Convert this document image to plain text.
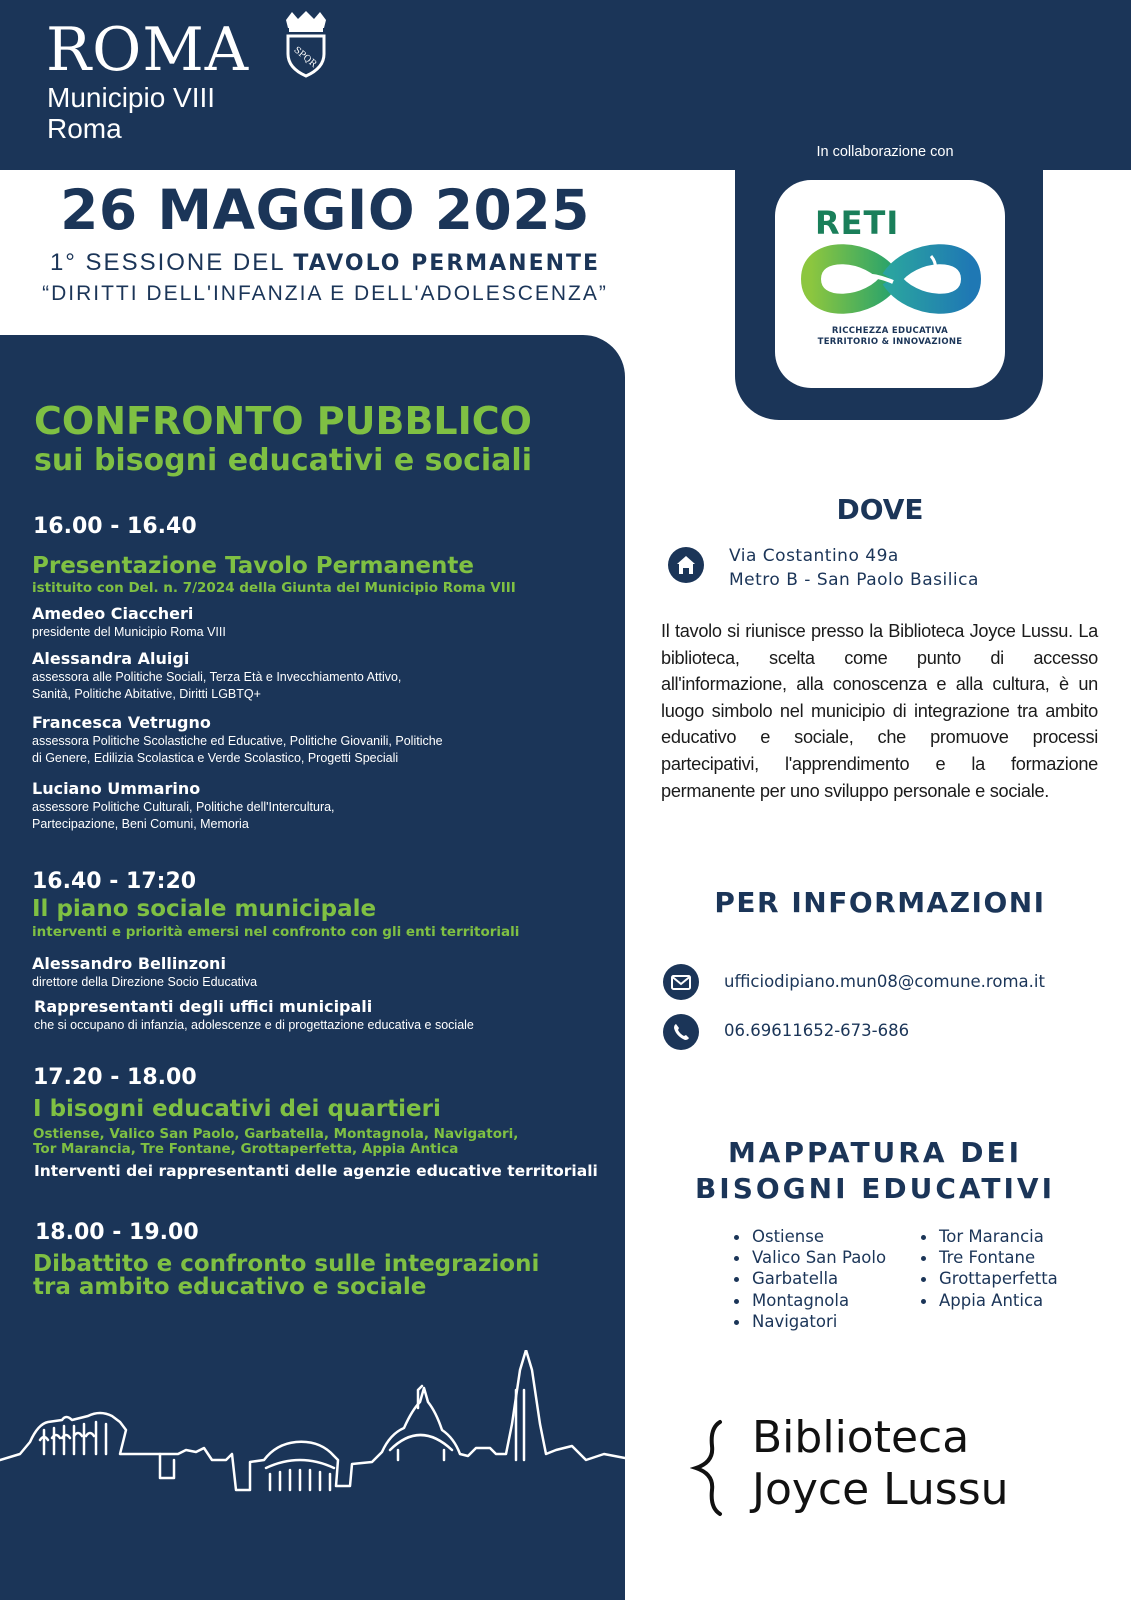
ROMA
Municipio VIII
Roma
SPQR
In collaborazione con
RETI
RICCHEZZA EDUCATIVA
TERRITORIO & INNOVAZIONE
26 MAGGIO 2025
1° SESSIONE DEL TAVOLO PERMANENTE
“DIRITTI DELL'INFANZIA E DELL'ADOLESCENZA”
CONFRONTO PUBBLICO
sui bisogni educativi e sociali
16.00 - 16.40
Presentazione Tavolo Permanente
istituito con Del. n. 7/2024 della Giunta del Municipio Roma VIII
Amedeo Ciaccheri
presidente del Municipio Roma VIII
Alessandra Aluigi
assessora alle Politiche Sociali, Terza Età e Invecchiamento Attivo,
Sanità, Politiche Abitative, Diritti LGBTQ+
Francesca Vetrugno
assessora Politiche Scolastiche ed Educative, Politiche Giovanili, Politiche
di Genere, Edilizia Scolastica e Verde Scolastico, Progetti Speciali
Luciano Ummarino
assessore Politiche Culturali, Politiche dell'Intercultura,
Partecipazione, Beni Comuni, Memoria
16.40 - 17:20
Il piano sociale municipale
interventi e priorità emersi nel confronto con gli enti territoriali
Alessandro Bellinzoni
direttore della Direzione Socio Educativa
Rappresentanti degli uffici municipali
che si occupano di infanzia, adolescenze e di progettazione educativa e sociale
17.20 - 18.00
I bisogni educativi dei quartieri
Ostiense, Valico San Paolo, Garbatella, Montagnola, Navigatori,
Tor Marancia, Tre Fontane, Grottaperfetta, Appia Antica
Interventi dei rappresentanti delle agenzie educative territoriali
18.00 - 19.00
Dibattito e confronto sulle integrazioni
tra ambito educativo e sociale
DOVE
Via Costantino 49a
Metro B - San Paolo Basilica
Il tavolo si riunisce presso la Biblioteca Joyce Lussu. La biblioteca, scelta come punto di accesso all'informazione, alla conoscenza e alla cultura, è un luogo simbolo nel municipio di integrazione tra ambito educativo e sociale, che promuove processi partecipativi, l'apprendimento e la formazione permanente per uno sviluppo personale e sociale.
PER INFORMAZIONI
ufficiodipiano.mun08@comune.roma.it
06.69611652-673-686
MAPPATURA DEI
BISOGNI EDUCATIVI
Ostiense
Valico San Paolo
Garbatella
Montagnola
Navigatori
Tor Marancia
Tre Fontane
Grottaperfetta
Appia Antica
Biblioteca
Joyce Lussu
